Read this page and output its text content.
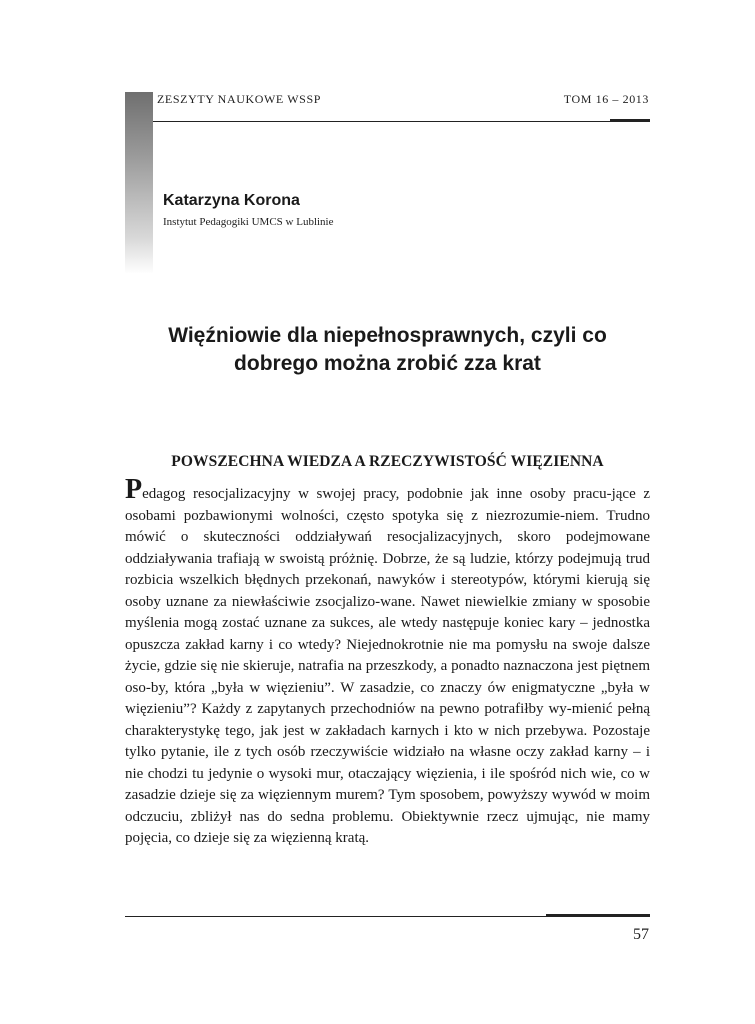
ZESZYTY NAUKOWE WSSP	TOM 16 – 2013
Katarzyna Korona
Instytut Pedagogiki UMCS w Lublinie
Więźniowie dla niepełnosprawnych, czyli co dobrego można zrobić zza krat
POWSZECHNA WIEDZA A RZECZYWISTOŚĆ WIĘZIENNA

Pedagog resocjalizacyjny w swojej pracy, podobnie jak inne osoby pracu-jące z osobami pozbawionymi wolności, często spotyka się z niezrozumie-niem. Trudno mówić o skuteczności oddziaływań resocjalizacyjnych, skoro podejmowane oddziaływania trafiają w swoistą próżnię. Dobrze, że są ludzie, którzy podejmują trud rozbicia wszelkich błędnych przekonań, nawyków i stereotypów, którymi kierują się osoby uznane za niewłaściwie zsocjalizo-wane. Nawet niewielkie zmiany w sposobie myślenia mogą zostać uznane za sukces, ale wtedy następuje koniec kary – jednostka opuszcza zakład karny i co wtedy? Niejednokrotnie nie ma pomysłu na swoje dalsze życie, gdzie się nie skieruje, natrafia na przeszkody, a ponadto naznaczona jest piętnem oso-by, która „była w więzieniu”. W zasadzie, co znaczy ów enigmatyczne „była w więzieniu”? Każdy z zapytanych przechodniów na pewno potrafiłby wy-mienić pełną charakterystykę tego, jak jest w zakładach karnych i kto w nich przebywa. Pozostaje tylko pytanie, ile z tych osób rzeczywiście widziało na własne oczy zakład karny – i nie chodzi tu jedynie o wysoki mur, otaczający więzienia, i ile spośród nich wie, co w zasadzie dzieje się za więziennym murem? Tym sposobem, powyższy wywód w moim odczuciu, zbliżył nas do sedna problemu. Obiektywnie rzecz ujmując, nie mamy pojęcia, co dzieje się za więzienną kratą.

57
